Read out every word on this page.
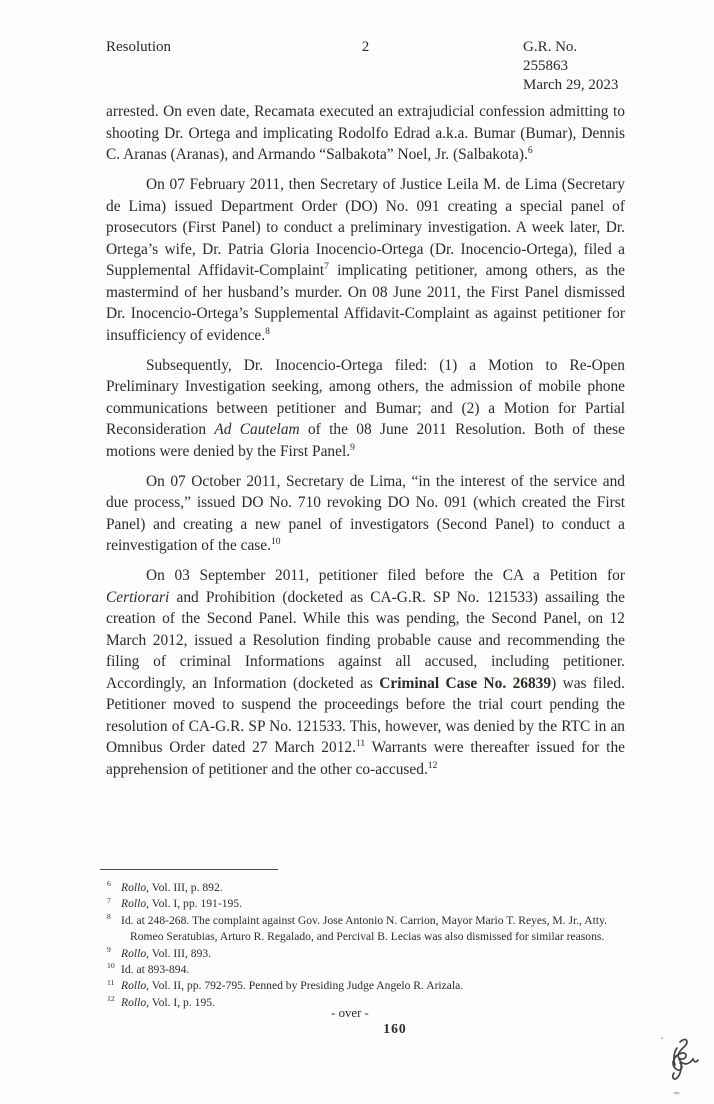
Resolution	2	G.R. No. 255863
March 29, 2023

arrested. On even date, Recamata executed an extrajudicial confession admitting to shooting Dr. Ortega and implicating Rodolfo Edrad a.k.a. Bumar (Bumar), Dennis C. Aranas (Aranas), and Armando “Salbakota” Noel, Jr. (Salbakota).$^6$

On 07 February 2011, then Secretary of Justice Leila M. de Lima (Secretary de Lima) issued Department Order (DO) No. 091 creating a special panel of prosecutors (First Panel) to conduct a preliminary investigation. A week later, Dr. Ortega’s wife, Dr. Patria Gloria Inocencio-Ortega (Dr. Inocencio-Ortega), filed a Supplemental Affidavit-Complaint$^7$ implicating petitioner, among others, as the mastermind of her husband’s murder. On 08 June 2011, the First Panel dismissed Dr. Inocencio-Ortega’s Supplemental Affidavit-Complaint as against petitioner for insufficiency of evidence.$^8$

Subsequently, Dr. Inocencio-Ortega filed: (1) a Motion to Re-Open Preliminary Investigation seeking, among others, the admission of mobile phone communications between petitioner and Bumar; and (2) a Motion for Partial Reconsideration Ad Cautelam of the 08 June 2011 Resolution. Both of these motions were denied by the First Panel.$^9$

On 07 October 2011, Secretary de Lima, “in the interest of the service and due process,” issued DO No. 710 revoking DO No. 091 (which created the First Panel) and creating a new panel of investigators (Second Panel) to conduct a reinvestigation of the case.$^{10}$

On 03 September 2011, petitioner filed before the CA a Petition for Certiorari and Prohibition (docketed as CA-G.R. SP No. 121533) assailing the creation of the Second Panel. While this was pending, the Second Panel, on 12 March 2012, issued a Resolution finding probable cause and recommending the filing of criminal Informations against all accused, including petitioner. Accordingly, an Information (docketed as Criminal Case No. 26839) was filed. Petitioner moved to suspend the proceedings before the trial court pending the resolution of CA-G.R. SP No. 121533. This, however, was denied by the RTC in an Omnibus Order dated 27 March 2012.11 Warrants were thereafter issued for the apprehension of petitioner and the other co-accused.$^{12}$

$^6$ Rollo, Vol. III, p. 892.
$^7$ Rollo, Vol. I, pp. 191-195.
$^8$ Id. at 248-268. The complaint against Gov. Jose Antonio N. Carrion, Mayor Mario T. Reyes, M. Jr., Atty. Romeo Seratubias, Arturo R. Regalado, and Percival B. Lecias was also dismissed for similar reasons.
$^9$ Rollo, Vol. III, 893.
$^{10}$ Id. at 893-894.
$^{11}$ Rollo, Vol. II, pp. 792-795. Penned by Presiding Judge Angelo R. Arizala.
$^{12}$ Rollo, Vol. I, p. 195.
- over -
160
